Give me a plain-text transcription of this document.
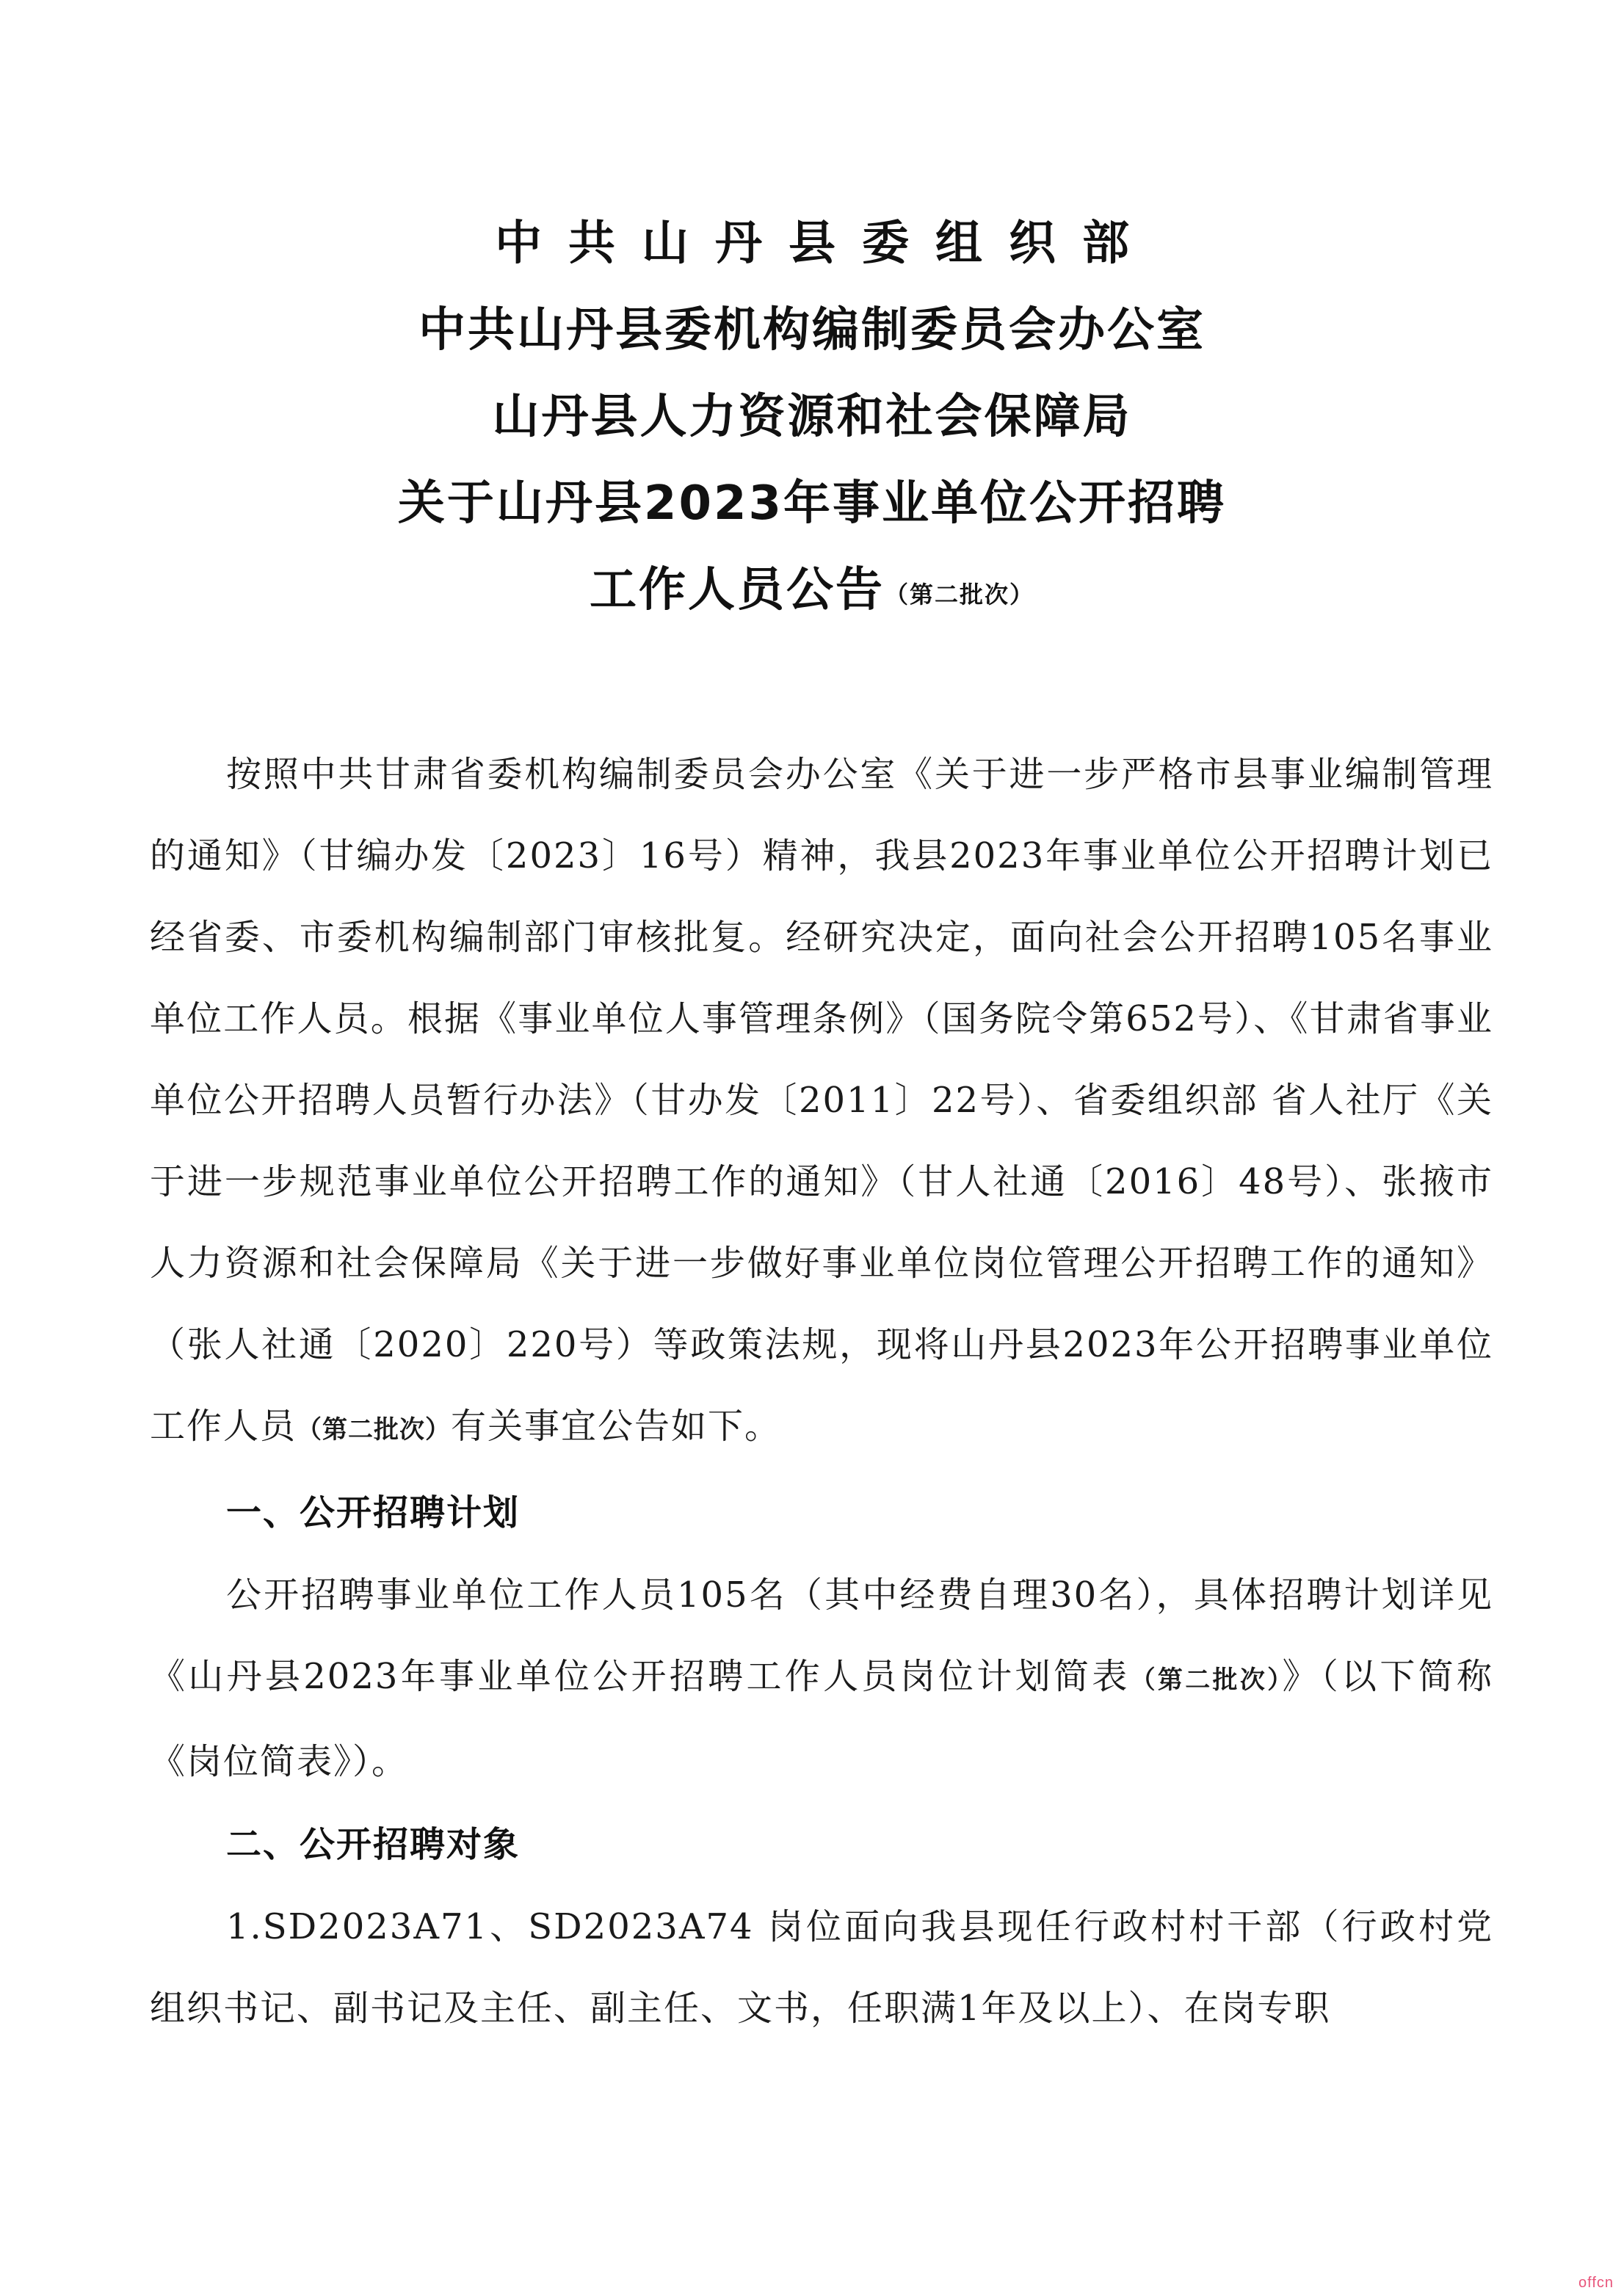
中共山丹县委组织部
中共山丹县委机构编制委员会办公室
山丹县人力资源和社会保障局
关于山丹县2023年事业单位公开招聘
工作人员公告（第二批次）

按照中共甘肃省委机构编制委员会办公室《关于进一步严格市县事业编制管理的通知》（甘编办发〔2023〕16号）精神，我县2023年事业单位公开招聘计划已经省委、市委机构编制部门审核批复。经研究决定，面向社会公开招聘105名事业单位工作人员。根据《事业单位人事管理条例》（国务院令第652号）、《甘肃省事业单位公开招聘人员暂行办法》（甘办发〔2011〕22号）、省委组织部 省人社厅《关于进一步规范事业单位公开招聘工作的通知》（甘人社通〔2016〕48号）、张掖市人力资源和社会保障局《关于进一步做好事业单位岗位管理公开招聘工作的通知》（张人社通〔2020〕220号）等政策法规，现将山丹县2023年公开招聘事业单位工作人员（第二批次）有关事宜公告如下。

一、公开招聘计划

公开招聘事业单位工作人员105名（其中经费自理30名），具体招聘计划详见《山丹县2023年事业单位公开招聘工作人员岗位计划简表（第二批次）》（以下简称《岗位简表》）。

二、公开招聘对象

1.SD2023A71、SD2023A74 岗位面向我县现任行政村村干部（行政村党组织书记、副书记及主任、副主任、文书，任职满1年及以上）、在岗专职

offcn
